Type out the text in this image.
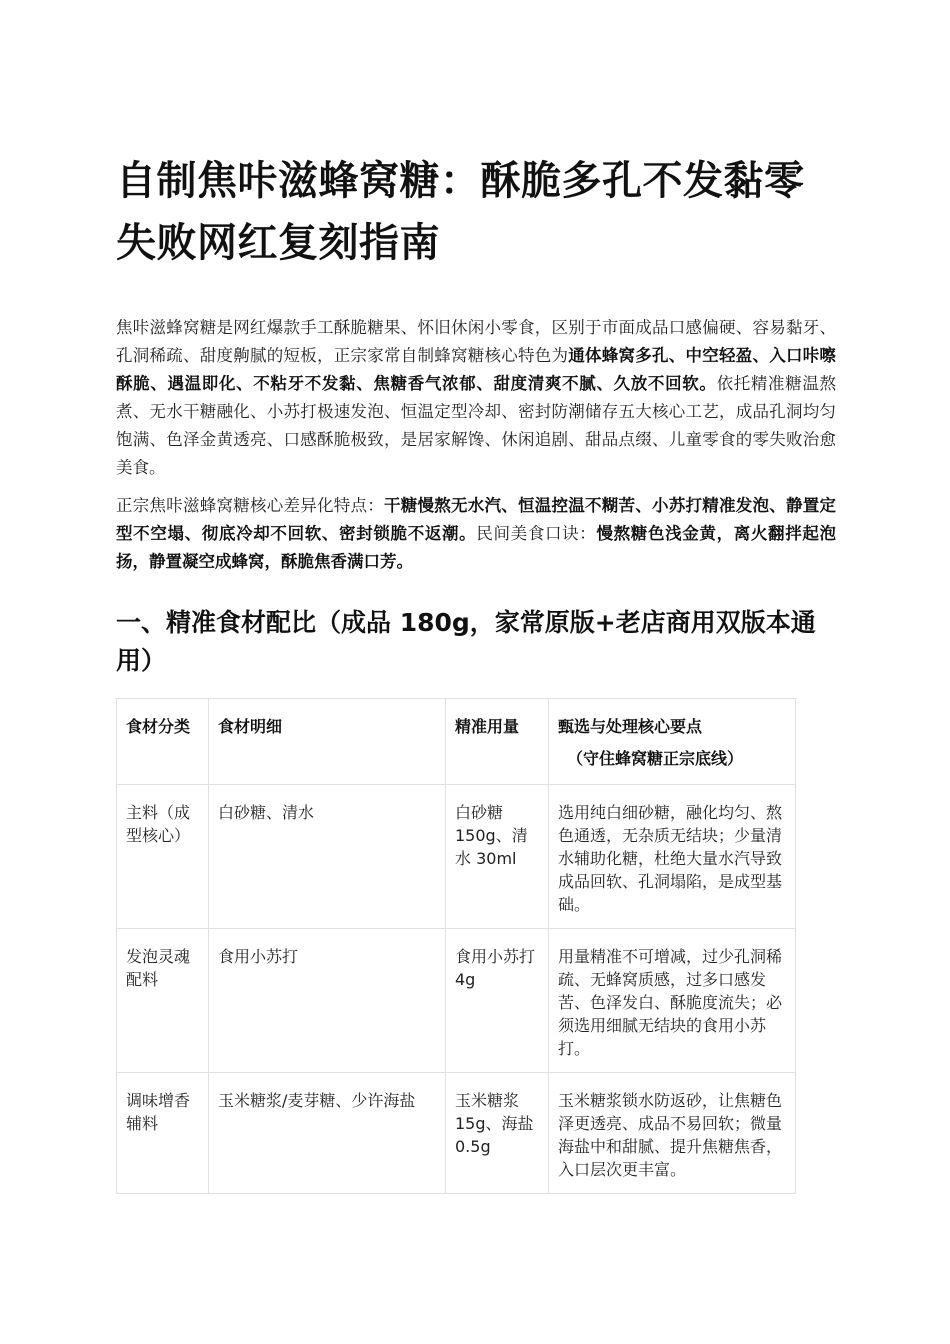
自制焦咔滋蜂窝糖：酥脆多孔不发黏零失败网红复刻指南

焦咔滋蜂窝糖是网红爆款手工酥脆糖果、怀旧休闲小零食，区别于市面成品口感偏硬、容易黏牙、孔洞稀疏、甜度齁腻的短板，正宗家常自制蜂窝糖核心特色为通体蜂窝多孔、中空轻盈、入口咔嚓酥脆、遇温即化、不粘牙不发黏、焦糖香气浓郁、甜度清爽不腻、久放不回软。依托精准糖温熬煮、无水干糖融化、小苏打极速发泡、恒温定型冷却、密封防潮储存五大核心工艺，成品孔洞均匀饱满、色泽金黄透亮、口感酥脆极致，是居家解馋、休闲追剧、甜品点缀、儿童零食的零失败治愈美食。

正宗焦咔滋蜂窝糖核心差异化特点：干糖慢熬无水汽、恒温控温不糊苦、小苏打精准发泡、静置定型不空塌、彻底冷却不回软、密封锁脆不返潮。民间美食口诀：慢熬糖色浅金黄，离火翻拌起泡扬，静置凝空成蜂窝，酥脆焦香满口芳。

一、精准食材配比（成品 180g，家常原版+老店商用双版本通用）
食材分类	食材明细	精准用量	甄选与处理核心要点
（守住蜂窝糖正宗底线）

主料（成型核心）	白砂糖、清水	白砂糖 150g、清水 30ml	选用纯白细砂糖，融化均匀、熬色通透，无杂质无结块；少量清水辅助化糖，杜绝大量水汽导致成品回软、孔洞塌陷，是成型基础。
发泡灵魂配料	食用小苏打	食用小苏打 4g	用量精准不可增减，过少孔洞稀疏、无蜂窝质感，过多口感发苦、色泽发白、酥脆度流失；必须选用细腻无结块的食用小苏打。
调味增香辅料	玉米糖浆/麦芽糖、少许海盐	玉米糖浆 15g、海盐 0.5g	玉米糖浆锁水防返砂，让焦糖色泽更透亮、成品不易回软；微量海盐中和甜腻、提升焦糖焦香，入口层次更丰富。
